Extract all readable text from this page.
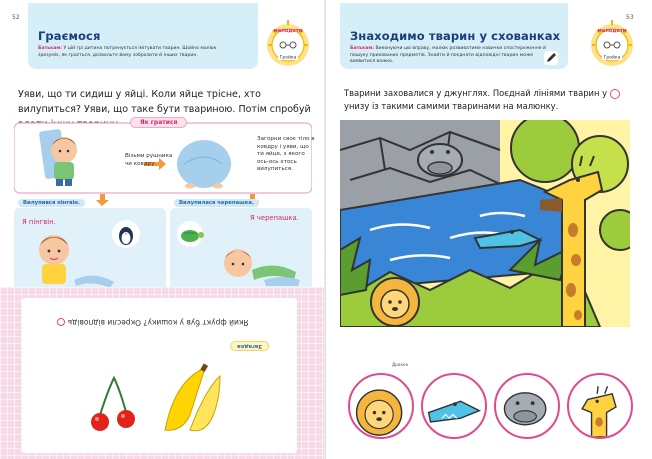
52
Граємося
Батькам: У цій грі дитина потренується імітувати тварин. Шойно малюк зрозуміє, як грається, дозвольте йому зобразити й інших тварин.
малодоти
Гройка
Уяви, що ти сидиш у яйці. Коли яйце трісне, хто вилупиться? Уяви, що таке бути твариною. Потім спробуй
Як гратися
Візьми рушника чи ковдру.
Загорни своє тіло в ковдру і уяви, що ти яйце, з якого ось-ось хтось вилупиться.
Вилупився пінгвін.	Вилупилася черепашка.
Я пінгвін.	Я черепашка.
Який фрукт був у кошику? Окресли відповідь
Загадка
53
Знаходимо тварин у схованках
Батькам: Виконуючи цю вправу, малюк розвиватиме навички спостереження й пошуку прихованих предметів. Знайти й поєднати відповідні тварин може виявитися важко.
малодоти
Гройка
Тварини заховалися у джунглях. Поєднай лініями тварин у  унизу із такими самими тваринами на малюнку.
Дракон
